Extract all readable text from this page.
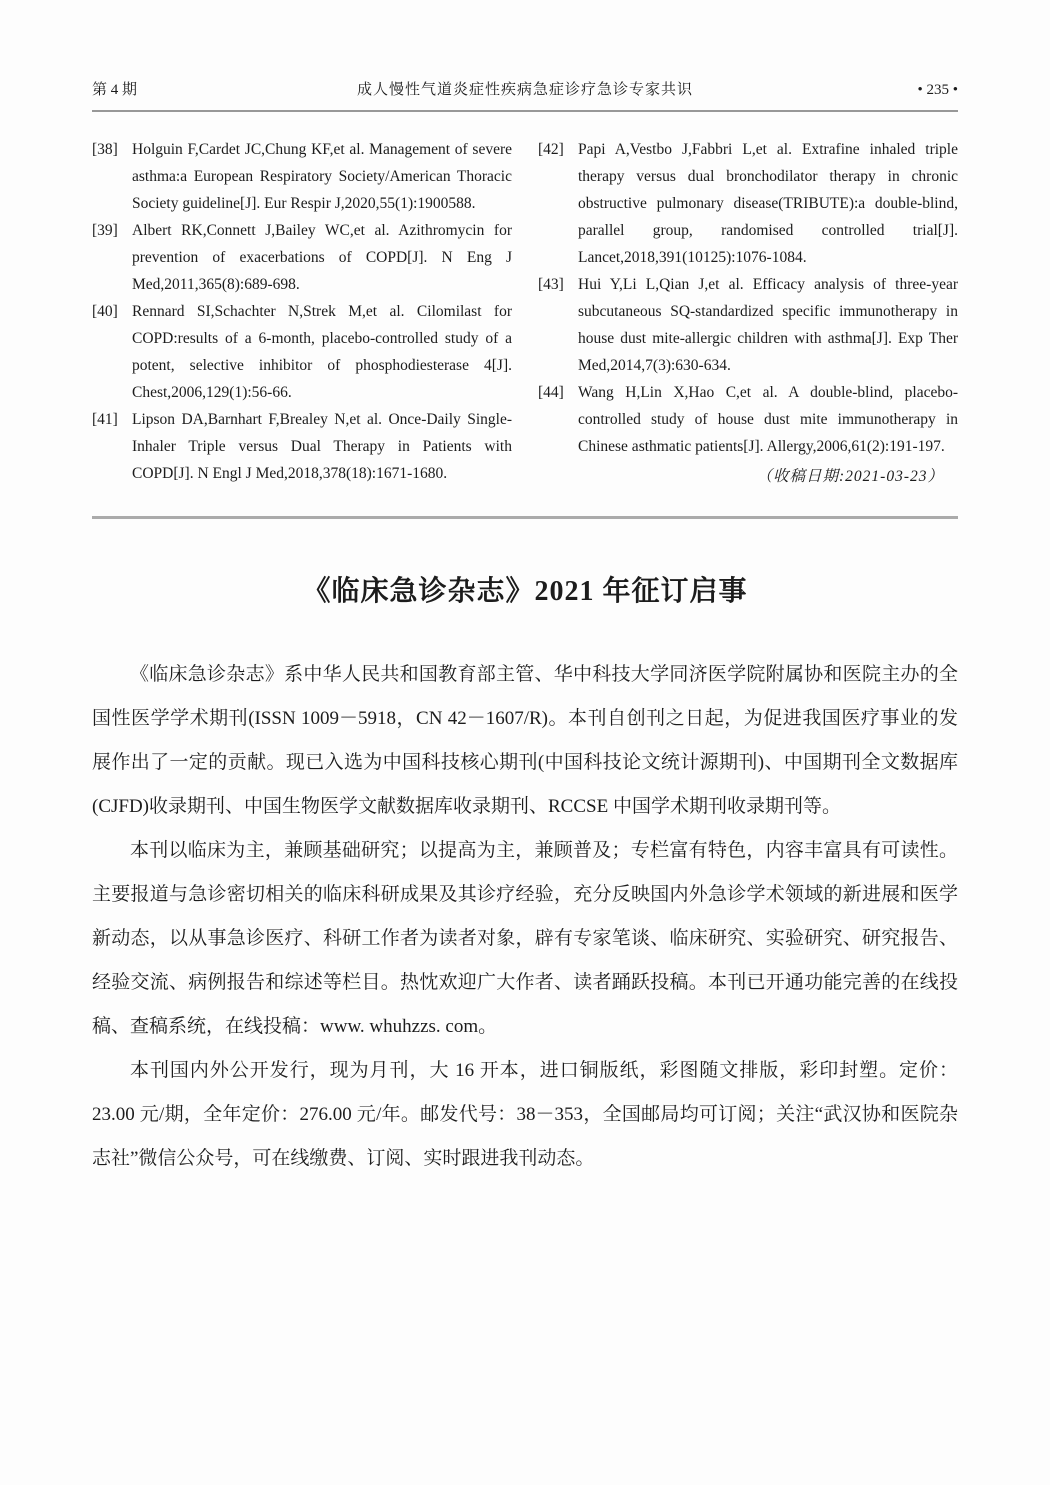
第 4 期	成人慢性气道炎症性疾病急症诊疗急诊专家共识	• 235 •
[38] Holguin F,Cardet JC,Chung KF,et al. Management of severe asthma:a European Respiratory Society/American Thoracic Society guideline[J]. Eur Respir J,2020,55(1):1900588.
[39] Albert RK,Connett J,Bailey WC,et al. Azithromycin for prevention of exacerbations of COPD[J]. N Eng J Med,2011,365(8):689-698.
[40] Rennard SI,Schachter N,Strek M,et al. Cilomilast for COPD:results of a 6-month, placebo-controlled study of a potent, selective inhibitor of phosphodiesterase 4[J]. Chest,2006,129(1):56-66.
[41] Lipson DA,Barnhart F,Brealey N,et al. Once-Daily Single-Inhaler Triple versus Dual Therapy in Patients with COPD[J]. N Engl J Med,2018,378(18):1671-1680.
[42] Papi A,Vestbo J,Fabbri L,et al. Extrafine inhaled triple therapy versus dual bronchodilator therapy in chronic obstructive pulmonary disease(TRIBUTE):a double-blind, parallel group, randomised controlled trial[J]. Lancet,2018,391(10125):1076-1084.
[43] Hui Y,Li L,Qian J,et al. Efficacy analysis of three-year subcutaneous SQ-standardized specific immunotherapy in house dust mite-allergic children with asthma[J]. Exp Ther Med,2014,7(3):630-634.
[44] Wang H,Lin X,Hao C,et al. A double-blind, placebo-controlled study of house dust mite immunotherapy in Chinese asthmatic patients[J]. Allergy,2006,61(2):191-197.
（收稿日期:2021-03-23）
《临床急诊杂志》2021 年征订启事

《临床急诊杂志》系中华人民共和国教育部主管、华中科技大学同济医学院附属协和医院主办的全国性医学学术期刊(ISSN 1009－5918，CN 42－1607/R)。本刊自创刊之日起，为促进我国医疗事业的发展作出了一定的贡献。现已入选为中国科技核心期刊(中国科技论文统计源期刊)、中国期刊全文数据库(CJFD)收录期刊、中国生物医学文献数据库收录期刊、RCCSE 中国学术期刊收录期刊等。

本刊以临床为主，兼顾基础研究；以提高为主，兼顾普及；专栏富有特色，内容丰富具有可读性。主要报道与急诊密切相关的临床科研成果及其诊疗经验，充分反映国内外急诊学术领域的新进展和医学新动态，以从事急诊医疗、科研工作者为读者对象，辟有专家笔谈、临床研究、实验研究、研究报告、经验交流、病例报告和综述等栏目。热忱欢迎广大作者、读者踊跃投稿。本刊已开通功能完善的在线投稿、查稿系统，在线投稿：www. whuhzzs. com。

本刊国内外公开发行，现为月刊，大 16 开本，进口铜版纸，彩图随文排版，彩印封塑。定价：23.00 元/期，全年定价：276.00 元/年。邮发代号：38－353，全国邮局均可订阅；关注“武汉协和医院杂志社”微信公众号，可在线缴费、订阅、实时跟进我刊动态。
